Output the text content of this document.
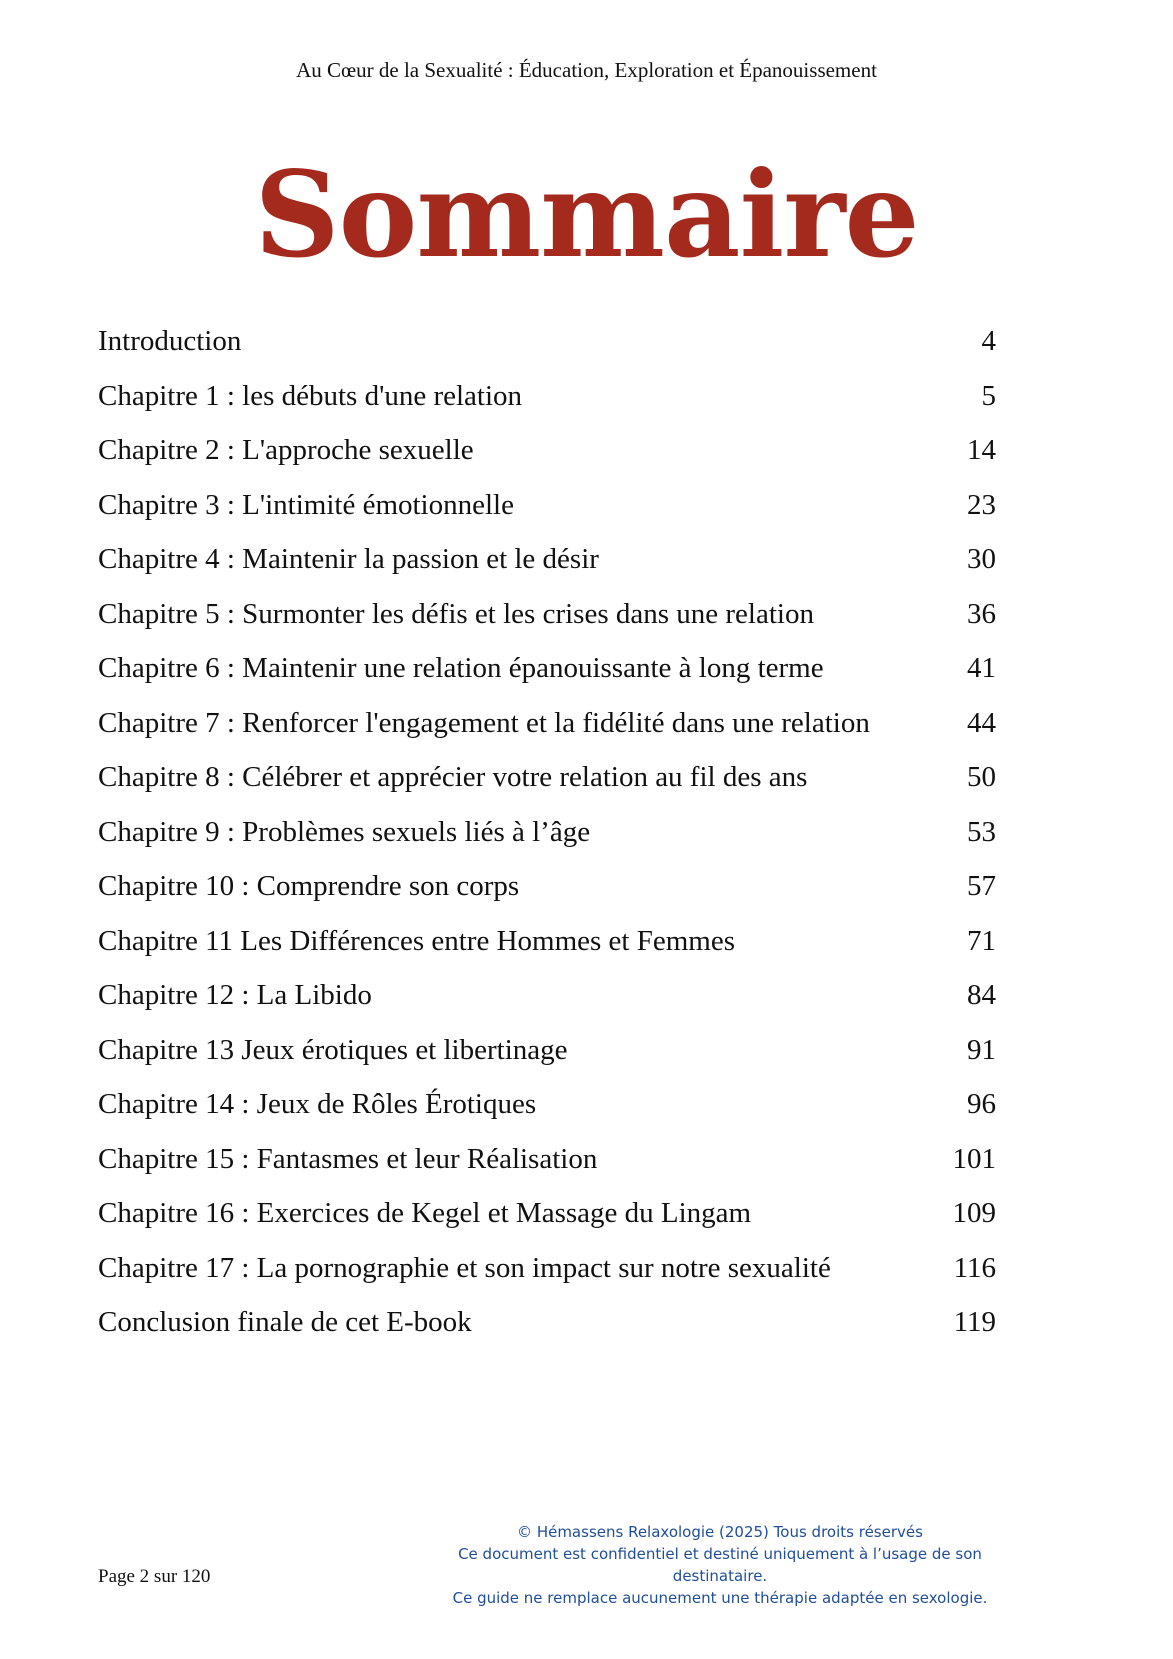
Au Cœur de la Sexualité : Éducation, Exploration et Épanouissement
Sommaire
Introduction	4
Chapitre 1 : les débuts d'une relation	5
Chapitre 2 : L'approche sexuelle	14
Chapitre 3 : L'intimité émotionnelle	23
Chapitre 4 : Maintenir la passion et le désir	30
Chapitre 5 : Surmonter les défis et les crises dans une relation	36
Chapitre 6 : Maintenir une relation épanouissante à long terme	41
Chapitre 7 : Renforcer l'engagement et la fidélité dans une relation	44
Chapitre 8 : Célébrer et apprécier votre relation au fil des ans	50
Chapitre 9 : Problèmes sexuels liés à l’âge	53
Chapitre 10 : Comprendre son corps	57
Chapitre 11 Les Différences entre Hommes et Femmes	71
Chapitre 12 : La Libido	84
Chapitre 13 Jeux érotiques et libertinage	91
Chapitre 14 : Jeux de Rôles Érotiques	96
Chapitre 15 : Fantasmes et leur Réalisation	101
Chapitre 16 : Exercices de Kegel et Massage du Lingam	109
Chapitre 17 : La pornographie et son impact sur notre sexualité	116
Conclusion finale de cet E-book	119
Page 2 sur 120
© Hémassens Relaxologie (2025) Tous droits réservés
Ce document est confidentiel et destiné uniquement à l’usage de son destinataire.
Ce guide ne remplace aucunement une thérapie adaptée en sexologie.
